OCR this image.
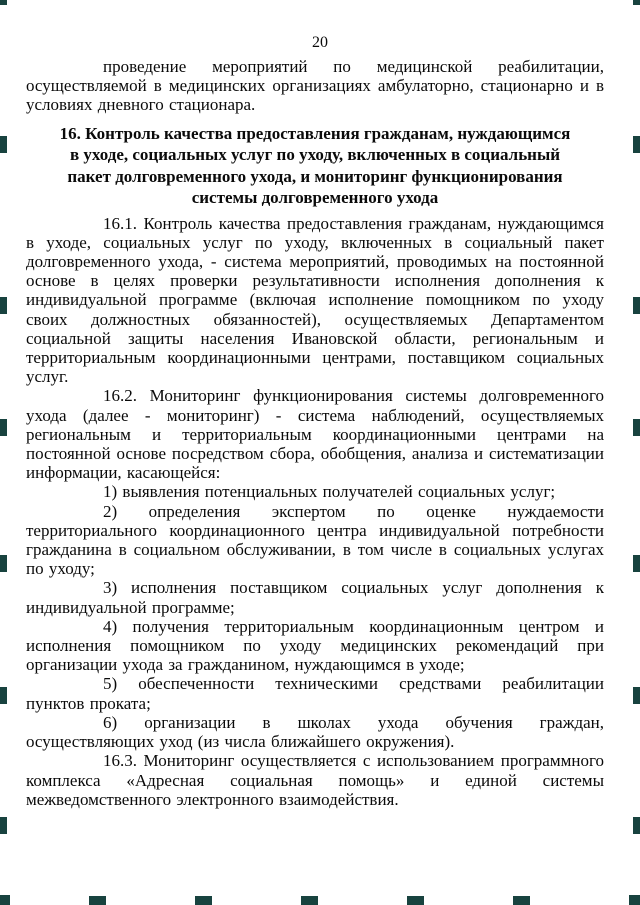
20

проведение мероприятий по медицинской реабилитации, осуществляемой в медицинских организациях амбулаторно, стационарно и в условиях дневного стационара.

16. Контроль качества предоставления гражданам, нуждающимся
в уходе, социальных услуг по уходу, включенных в социальный
пакет долговременного ухода, и мониторинг функционирования
системы долговременного ухода

16.1. Контроль качества предоставления гражданам, нуждающимся в уходе, социальных услуг по уходу, включенных в социальный пакет долговременного ухода, - система мероприятий, проводимых на постоянной основе в целях проверки результативности исполнения дополнения к индивидуальной программе (включая исполнение помощником по уходу своих должностных обязанностей), осуществляемых Департаментом социальной защиты населения Ивановской области, региональным и территориальным координационными центрами, поставщиком социальных услуг.

16.2. Мониторинг функционирования системы долговременного ухода (далее - мониторинг) - система наблюдений, осуществляемых региональным и территориальным координационными центрами на постоянной основе посредством сбора, обобщения, анализа и систематизации информации, касающейся:

1) выявления потенциальных получателей социальных услуг;

2) определения экспертом по оценке нуждаемости территориального координационного центра индивидуальной потребности гражданина в социальном обслуживании, в том числе в социальных услугах по уходу;

3) исполнения поставщиком социальных услуг дополнения к индивидуальной программе;

4) получения территориальным координационным центром и исполнения помощником по уходу медицинских рекомендаций при организации ухода за гражданином, нуждающимся в уходе;

5) обеспеченности техническими средствами реабилитации пунктов проката;

6) организации в школах ухода обучения граждан, осуществляющих уход (из числа ближайшего окружения).

16.3. Мониторинг осуществляется с использованием программного комплекса «Адресная социальная помощь» и единой системы межведомственного электронного взаимодействия.
